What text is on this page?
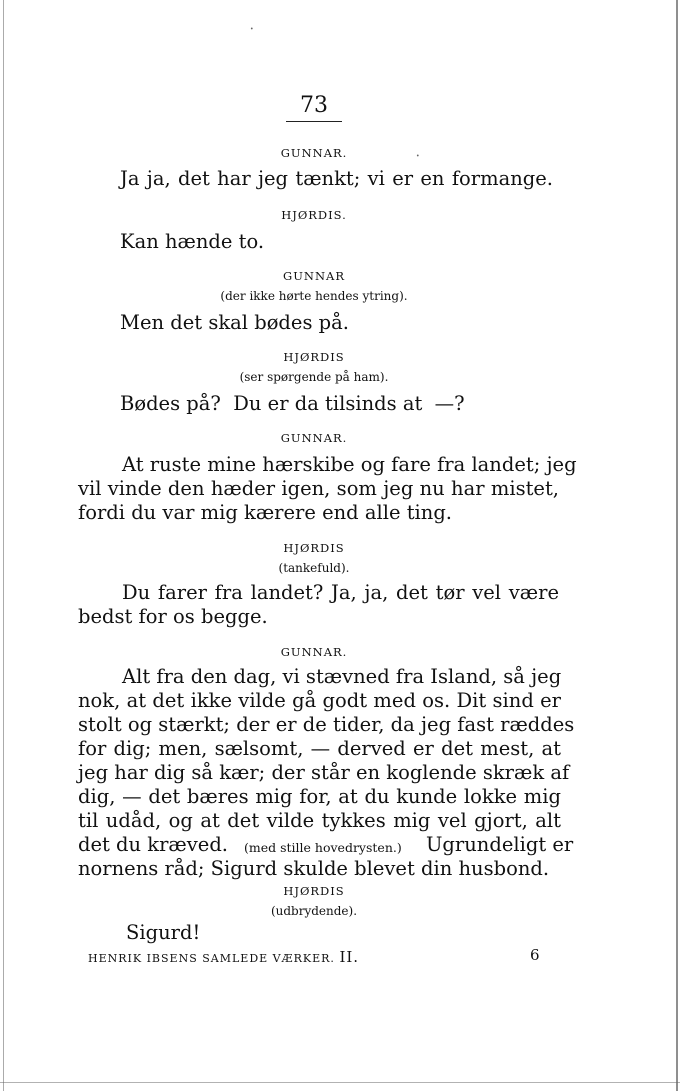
•
•
73
GUNNAR.
Ja ja, det har jeg tænkt; vi er en formange.
HJØRDIS.
Kan hænde to.
GUNNAR
(der ikke hørte hendes ytring).
Men det skal bødes på.
HJØRDIS
(ser spørgende på ham).
Bødes på?  Du er da tilsinds at  —?
GUNNAR.
At ruste mine hærskibe og fare fra landet; jeg
vil vinde den hæder igen, som jeg nu har mistet,
fordi du var mig kærere end alle ting.
HJØRDIS
(tankefuld).
Du farer fra landet? Ja, ja, det tør vel være
bedst for os begge.
GUNNAR.
Alt fra den dag, vi stævned fra Island, så jeg
nok, at det ikke vilde gå godt med os. Dit sind er
stolt og stærkt; der er de tider, da jeg fast ræddes
for dig; men, sælsomt, — derved er det mest, at
jeg har dig så kær; der står en koglende skræk af
dig, — det bæres mig for, at du kunde lokke mig
til udåd, og at det vilde tykkes mig vel gjort, alt
det du kræved. (med stille hovedrysten.) Ugrundeligt er
nornens råd; Sigurd skulde blevet din husbond.
HJØRDIS
(udbrydende).
Sigurd!
HENRIK IBSENS SAMLEDE VÆRKER. II.	6
